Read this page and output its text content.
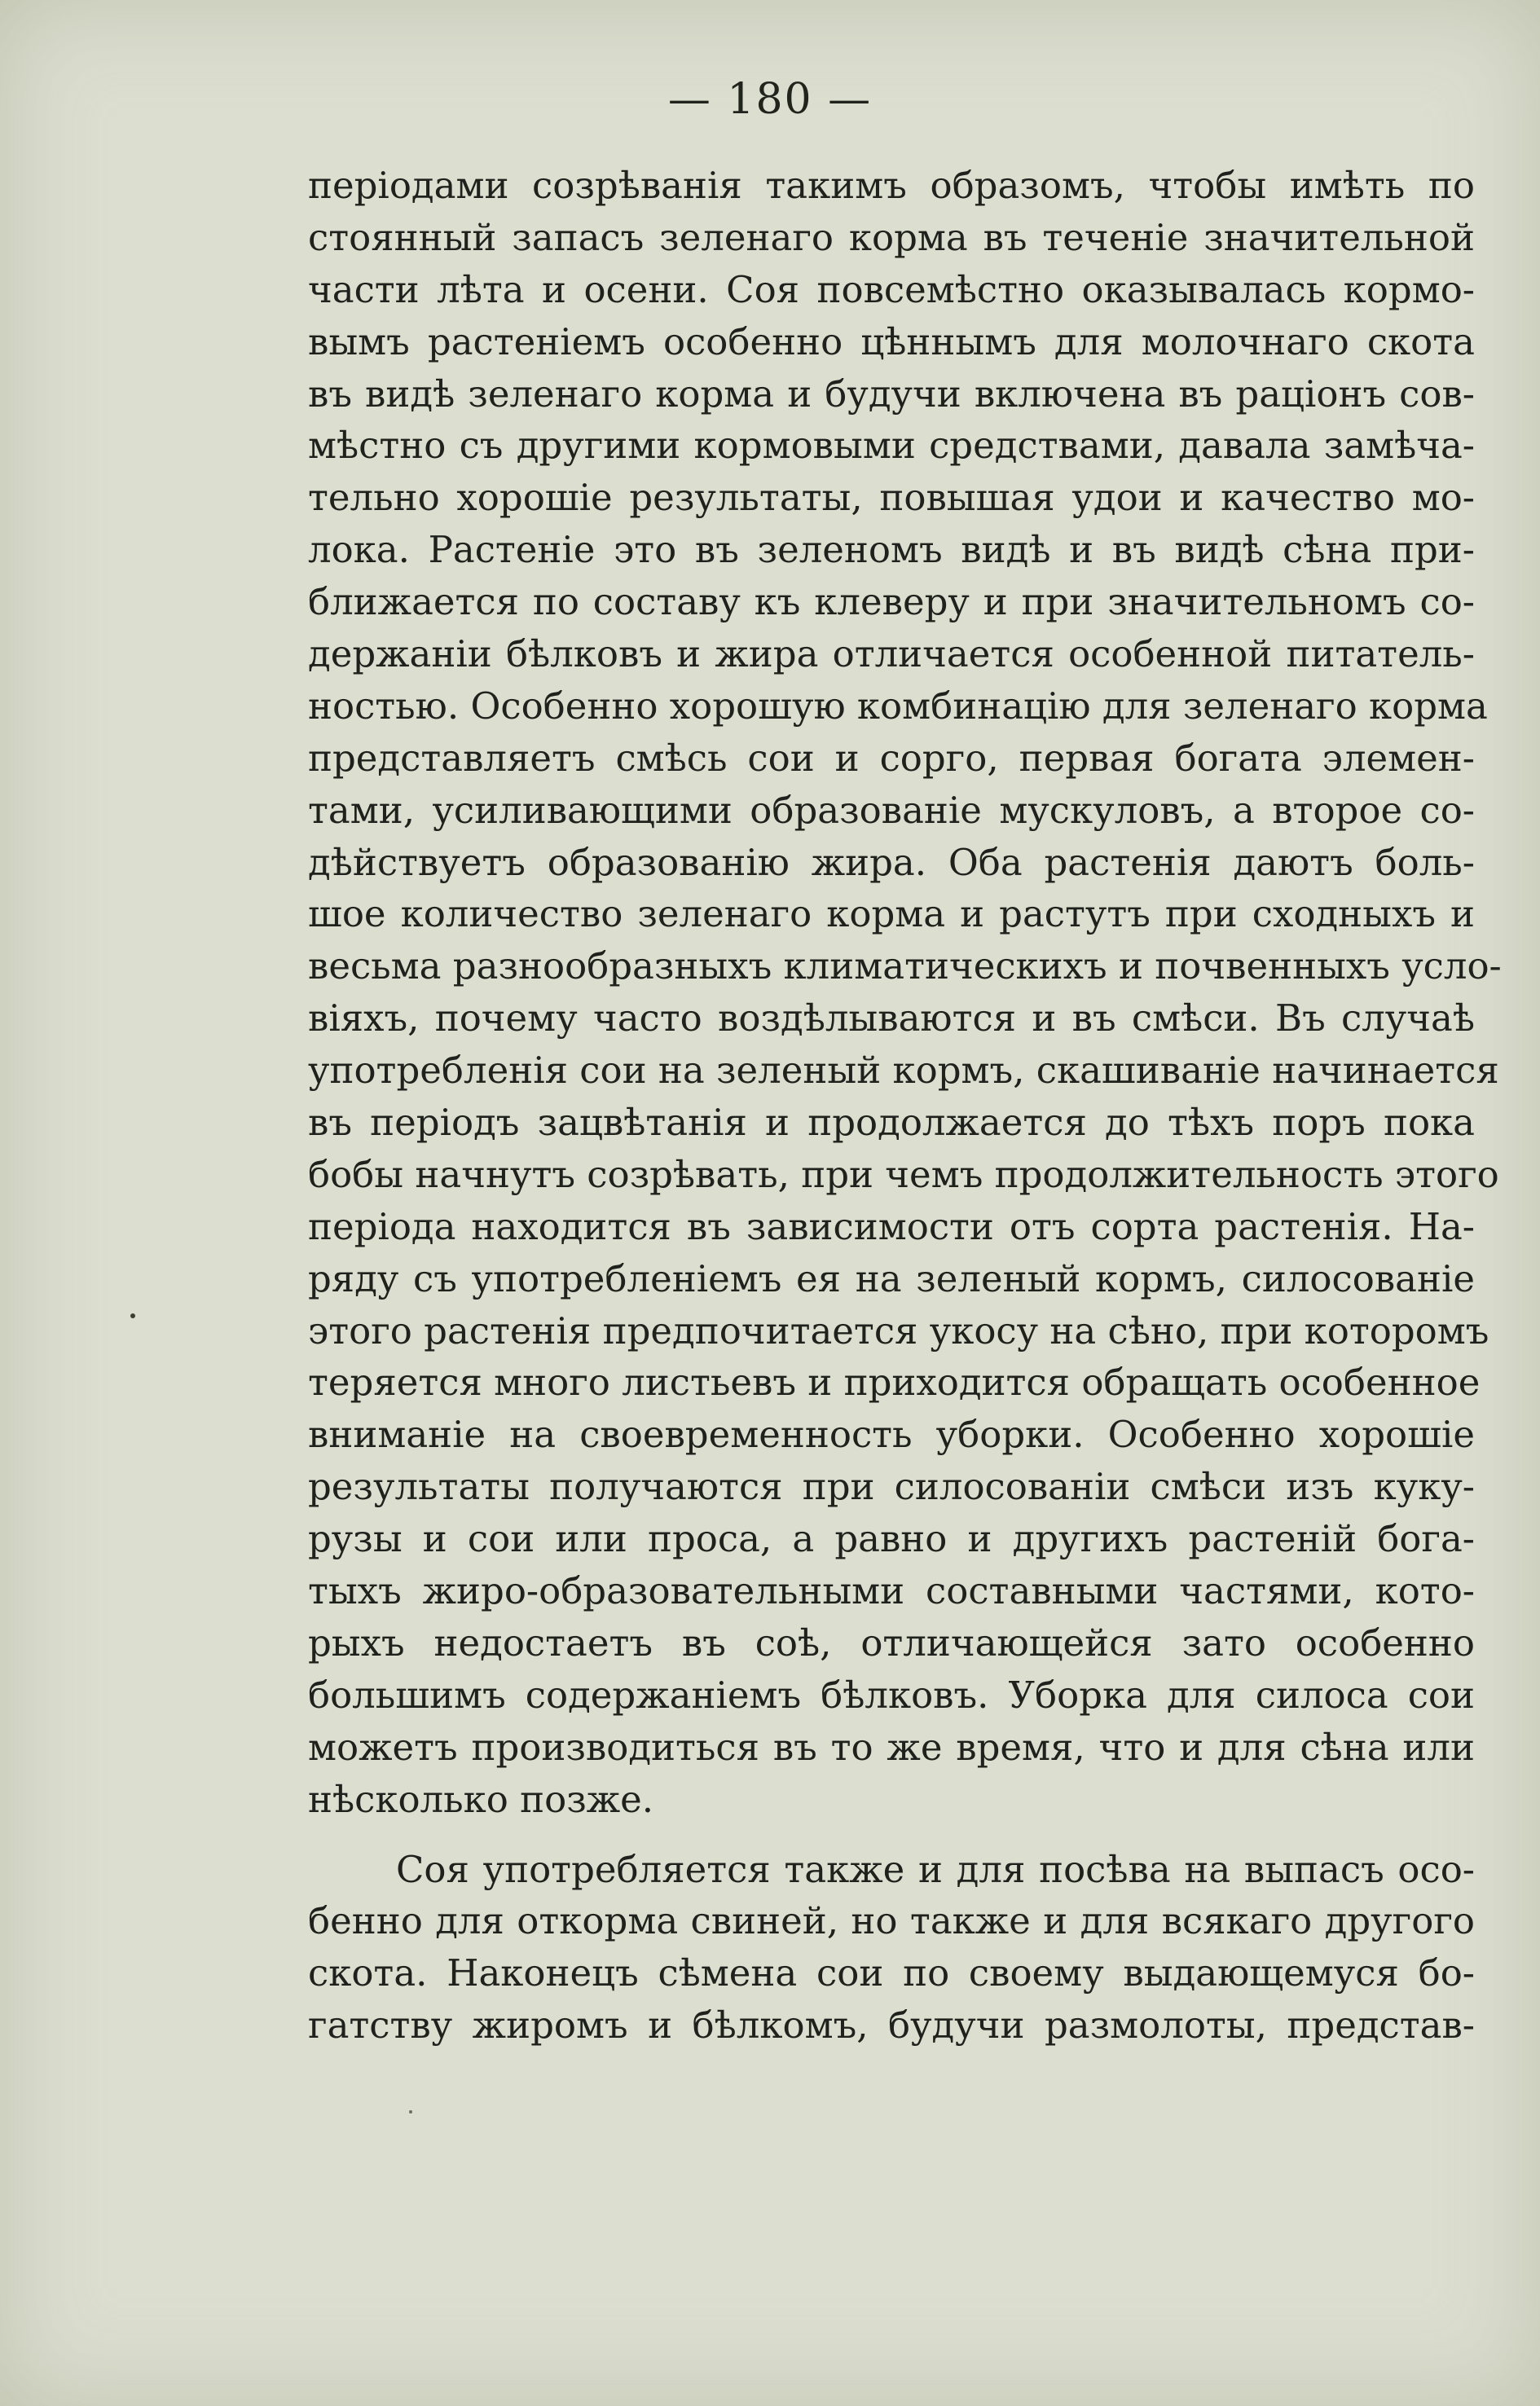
— 180 —
періодами созрѣванія такимъ образомъ, чтобы имѣть по
стоянный запасъ зеленаго корма въ теченіе значительной
части лѣта и осени. Соя повсемѣстно оказывалась кормо-
вымъ растеніемъ особенно цѣннымъ для молочнаго скота
въ видѣ зеленаго корма и будучи включена въ раціонъ сов-
мѣстно съ другими кормовыми средствами, давала замѣча-
тельно хорошіе результаты, повышая удои и качество мо-
лока. Растеніе это въ зеленомъ видѣ и въ видѣ сѣна при-
ближается по составу къ клеверу и при значительномъ со-
держаніи бѣлковъ и жира отличается особенной питатель-
ностью. Особенно хорошую комбинацію для зеленаго корма
представляетъ смѣсь сои и сорго, первая богата элемен-
тами, усиливающими образованіе мускуловъ, а второе со-
дѣйствуетъ образованію жира. Оба растенія даютъ боль-
шое количество зеленаго корма и растутъ при сходныхъ и
весьма разнообразныхъ климатическихъ и почвенныхъ усло-
віяхъ, почему часто воздѣлываются и въ смѣси. Въ случаѣ
употребленія сои на зеленый кормъ, скашиваніе начинается
въ періодъ зацвѣтанія и продолжается до тѣхъ поръ пока
бобы начнутъ созрѣвать, при чемъ продолжительность этого
періода находится въ зависимости отъ сорта растенія. На-
ряду съ употребленіемъ ея на зеленый кормъ, силосованіе
этого растенія предпочитается укосу на сѣно, при которомъ
теряется много листьевъ и приходится обращать особенное
вниманіе на своевременность уборки. Особенно хорошіе
результаты получаются при силосованіи смѣси изъ куку-
рузы и сои или проса, а равно и другихъ растеній бога-
тыхъ жиро-образовательными составными частями, кото-
рыхъ недостаетъ въ соѣ, отличающейся зато особенно
большимъ содержаніемъ бѣлковъ. Уборка для силоса сои
можетъ производиться въ то же время, что и для сѣна или
нѣсколько позже.
Соя употребляется также и для посѣва на выпасъ осо-
бенно для откорма свиней, но также и для всякаго другого
скота. Наконецъ сѣмена сои по своему выдающемуся бо-
гатству жиромъ и бѣлкомъ, будучи размолоты, представ-
